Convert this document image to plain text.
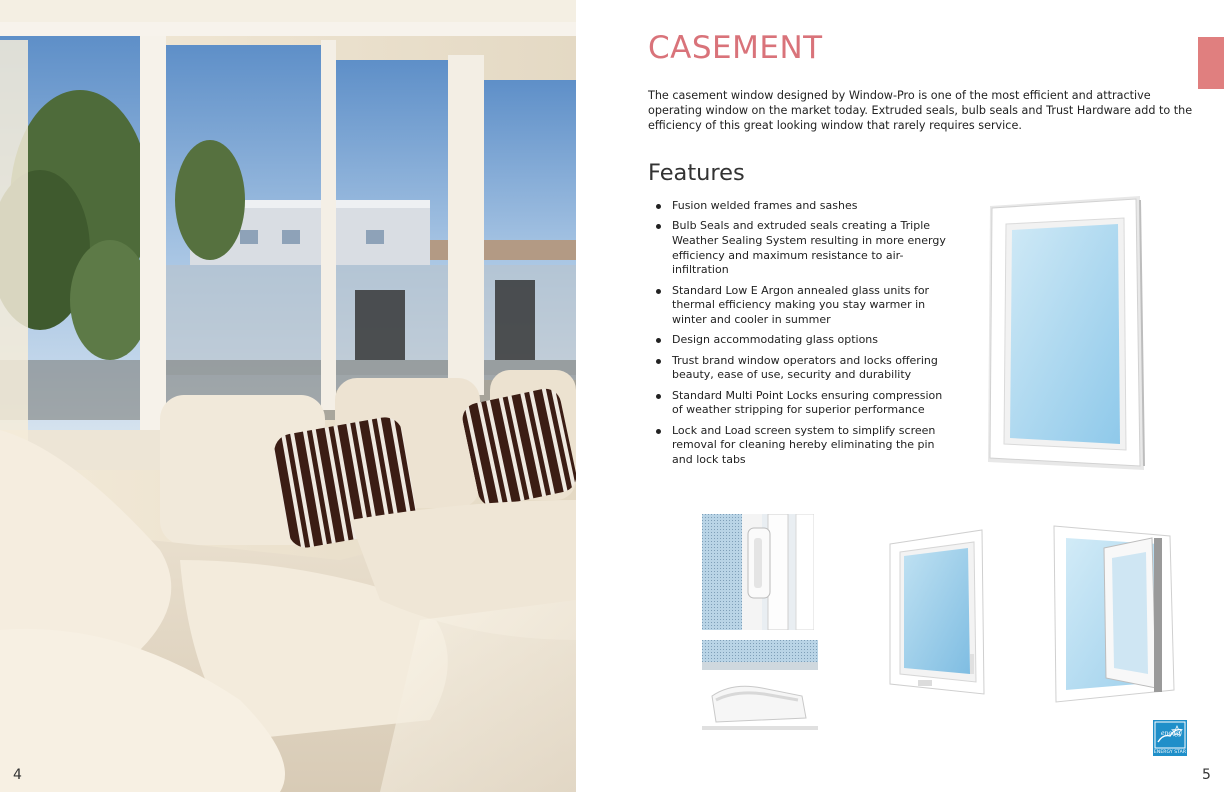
4
CASEMENT

The casement window designed by Window-Pro is one of the most efficient and attractive operating window on the market today. Extruded seals, bulb seals and Trust Hardware add to the efficiency of this great looking window that rarely requires service.

Features
Fusion welded frames and sashes
Bulb Seals and extruded seals creating a Triple Weather Sealing System resulting in more energy efficiency and maximum resistance to air-infiltration
Standard Low E Argon annealed glass units for thermal efficiency making you stay warmer in winter and cooler in summer
Design accommodating glass options
Trust brand window operators and locks offering beauty, ease of use, security and durability
Standard Multi Point Locks ensuring compression of weather stripping for superior performance
Lock and Load screen system to simplify screen removal for cleaning hereby eliminating the pin and lock tabs
energy
ENERGY STAR
5
